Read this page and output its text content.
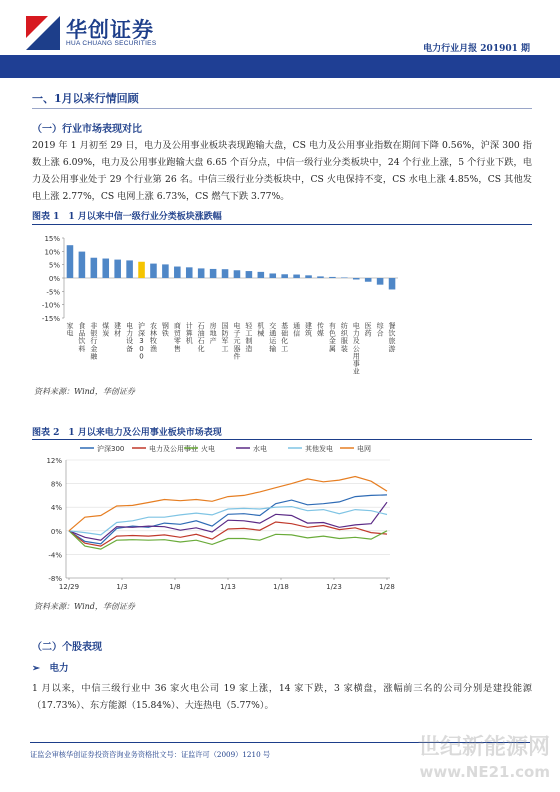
华创证券
HUA CHUANG SECURITIES
电力行业月报 201901 期
一、1月以来行情回顾
（一）行业市场表现对比
2019 年 1 月初至 29 日，电力及公用事业板块表现跑输大盘，CS 电力及公用事业指数在期间下降 0.56%，沪深 300 指数上涨 6.09%，电力及公用事业跑输大盘 6.65 个百分点，中信一级行业分类板块中，24 个行业上涨，5 个行业下跌，电力及公用事业处于 29 个行业第 26 名。中信三级行业分类板块中，CS 火电保持不变，CS 水电上涨 4.85%，CS 其他发电上涨 2.77%，CS 电网上涨 6.73%，CS 燃气下跌 3.77%。
图表 1　1 月以来中信一级行业分类板块涨跌幅
15%
10%
5%
0%
-5%
-10%
-15%
家电
食品饮料
非银行金融
煤炭
建材
电力设备
沪深 3 0 0
农林牧渔
钢铁
商贸零售
计算机
石油石化
房地产
国防军工
电子元器件
轻工制造
机械
交通运输
基础化工
通信
建筑
传媒
有色金属
纺织服装
电力及公用事业
医药
综合
餐饮旅游
资料来源：Wind，华创证券
图表 2　1 月以来电力及公用事业板块市场表现
12%
8%
4%
0%
-4%
-8%
12/29	1/3	1/8	1/13	1/18	1/23	1/28
沪深300	电力及公用事业 火电	水电	其他发电	电网
资料来源：Wind，华创证券
（二）个股表现
➢　电力
1 月以来，中信三级行业中 36 家火电公司 19 家上涨，14 家下跌，3 家横盘，涨幅前三名的公司分别是建投能源（17.73%）、东方能源（15.84%）、大连热电（5.77%）。
证监会审核华创证券投资咨询业务资格批文号：证监许可（2009）1210 号	世纪新能源网
www.NE21.com
